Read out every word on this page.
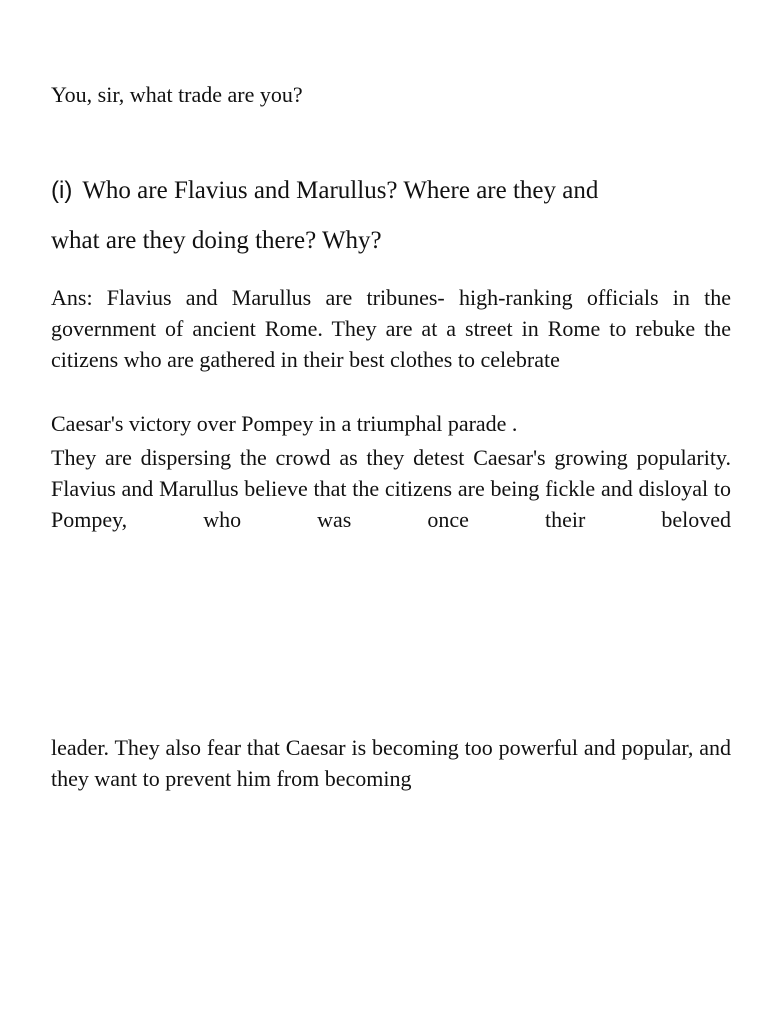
You, sir, what trade are you?

(i) Who are Flavius and Marullus? Where are they and
what are they doing there? Why?

Ans: Flavius and Marullus are tribunes- high-ranking officials in the government of ancient Rome. They are at a street in Rome to rebuke the citizens who are gathered in their best clothes to celebrate

Caesar's victory over Pompey in a triumphal parade .

They are dispersing the crowd as they detest Caesar's growing popularity. Flavius and Marullus believe that the citizens are being fickle and disloyal to Pompey, who was once their beloved

leader. They also fear that Caesar is becoming too powerful and popular, and they want to prevent him from becoming
